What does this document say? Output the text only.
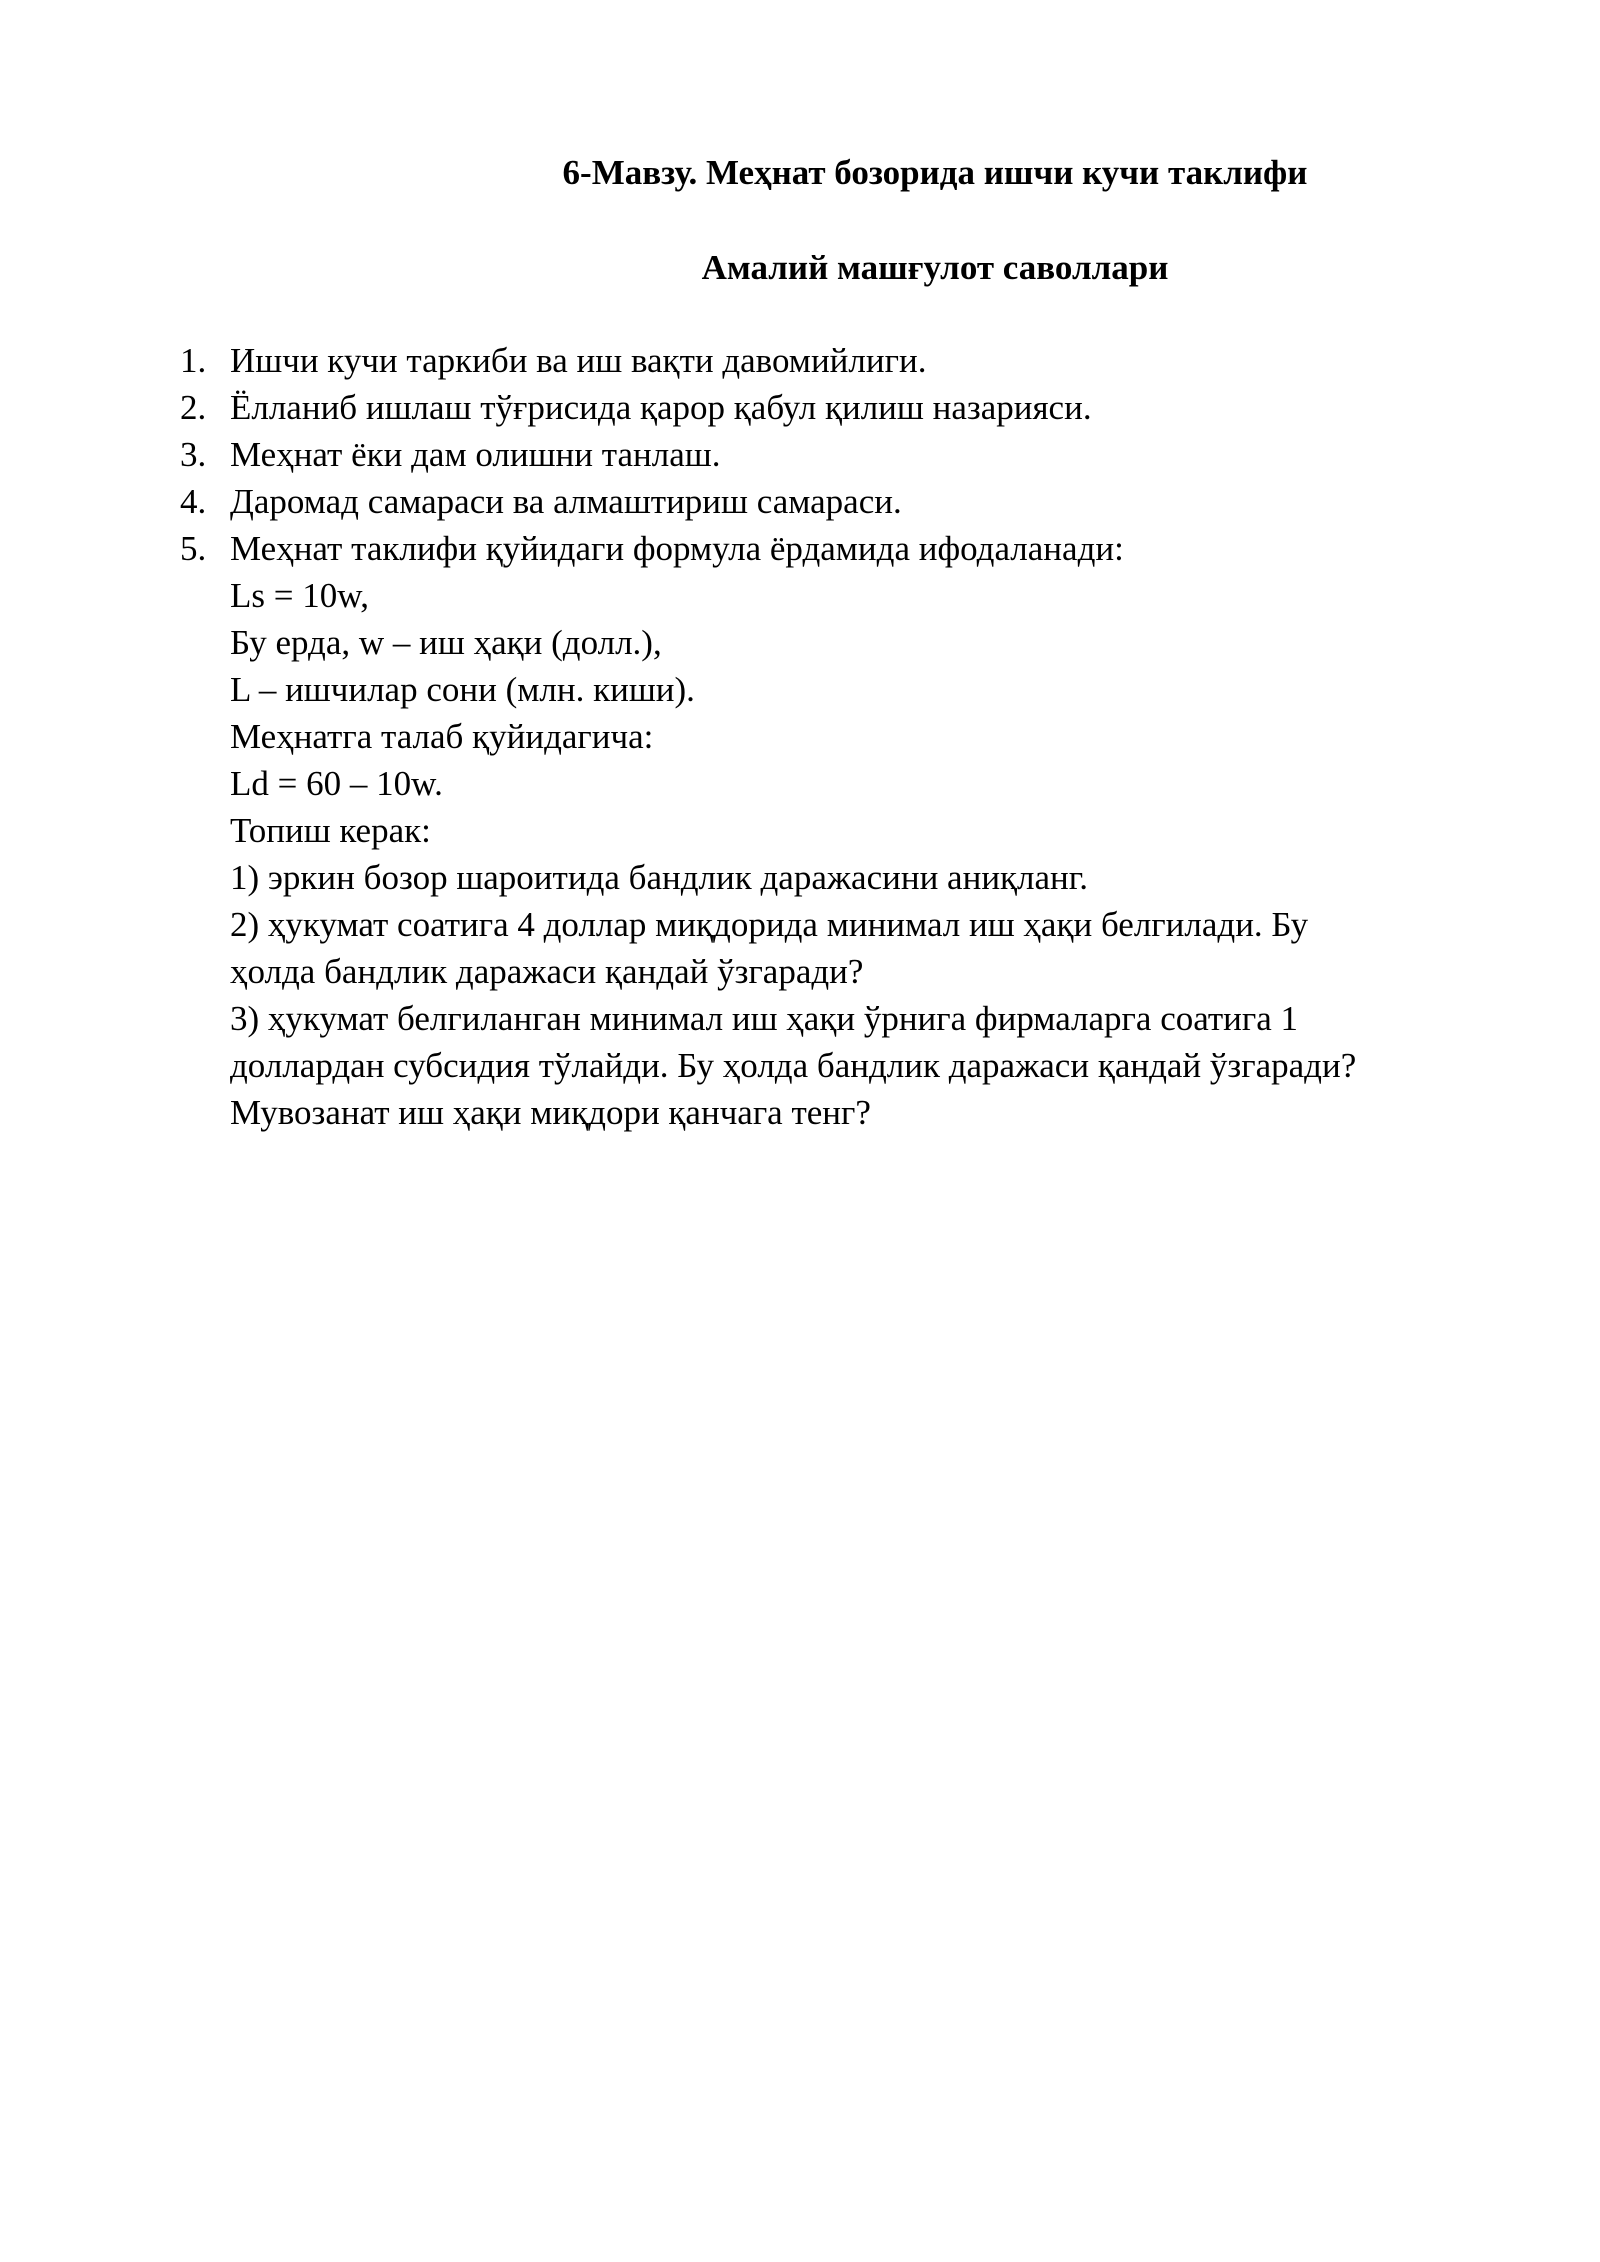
6-Мавзу. Меҳнат бозорида ишчи кучи таклифи
Амалий машғулот саволлари
1. Ишчи кучи таркиби ва иш вақти давомийлиги.
2. Ёлланиб ишлаш тўғрисида қарор қабул қилиш назарияси.
3. Меҳнат ёки дам олишни танлаш.
4. Даромад самараси ва алмаштириш самараси.
5. Меҳнат таклифи қуйидаги формула ёрдамида ифодаланади:
Ls = 10w,
Бу ерда, w – иш ҳақи (долл.),
L – ишчилар сони (млн. киши).
Меҳнатга талаб қуйидагича:
Ld = 60 – 10w.
Топиш керак:
1) эркин бозор шароитида бандлик даражасини аниқланг.
2) ҳукумат соатига 4 доллар миқдорида минимал иш ҳақи белгилади. Бу
ҳолда бандлик даражаси қандай ўзгаради?
3) ҳукумат белгиланган минимал иш ҳақи ўрнига фирмаларга соатига 1
доллардан субсидия тўлайди. Бу ҳолда бандлик даражаси қандай ўзгаради?
Мувозанат иш ҳақи миқдори қанчага тенг?
